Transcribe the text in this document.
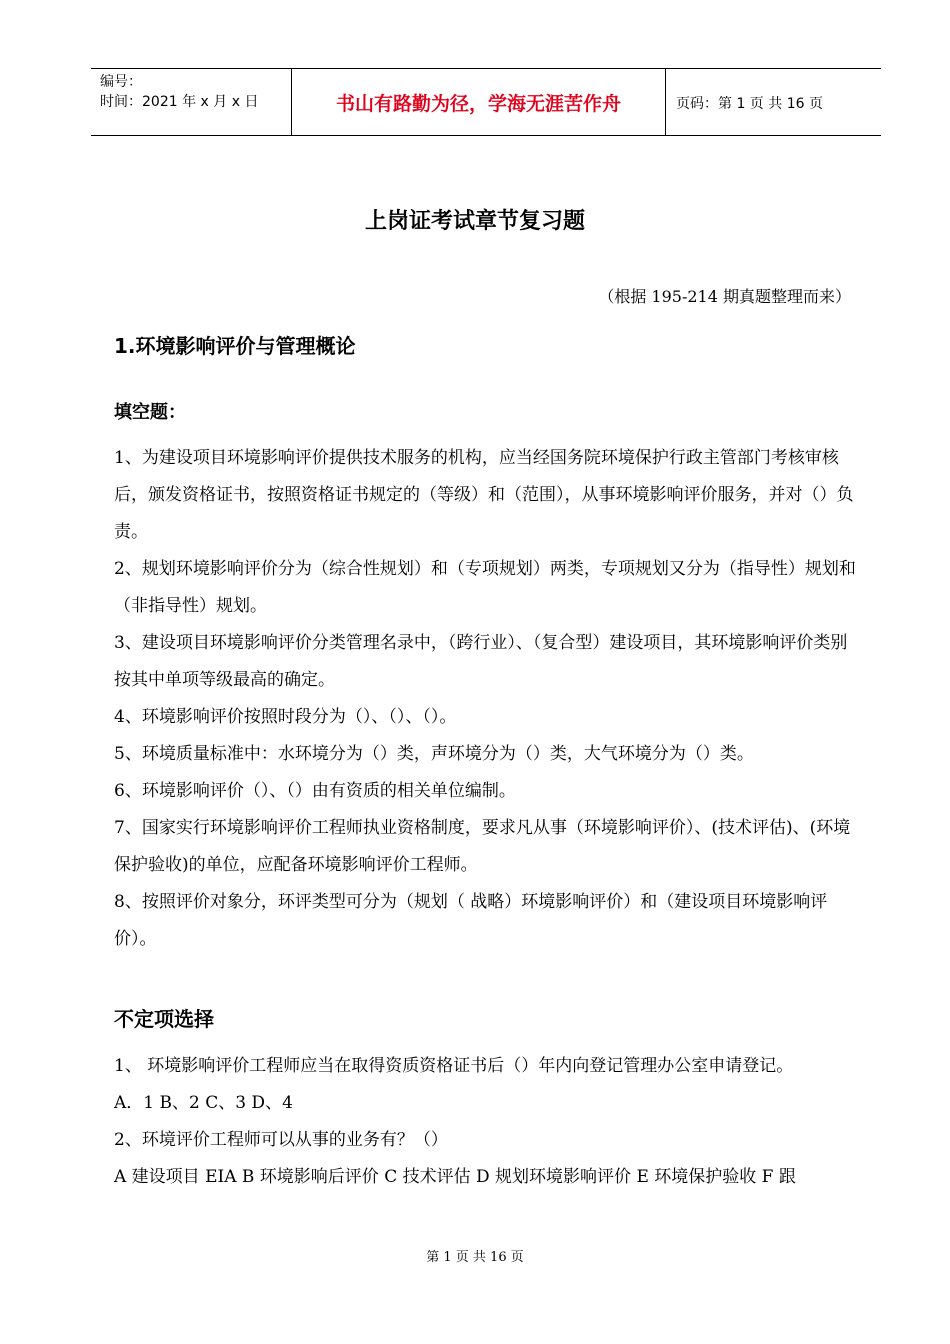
编号：
时间：2021 年 x 月 x 日	书山有路勤为径，学海无涯苦作舟	页码：第 1 页 共 16 页
上岗证考试章节复习题
（根据 195-214 期真题整理而来）
1.环境影响评价与管理概论
填空题：

1、为建设项目环境影响评价提供技术服务的机构，应当经国务院环境保护行政主管部门考核审核后，颁发资格证书，按照资格证书规定的（等级）和（范围），从事环境影响评价服务，并对（）负责。

2、规划环境影响评价分为（综合性规划）和（专项规划）两类，专项规划又分为（指导性）规划和（非指导性）规划。

3、建设项目环境影响评价分类管理名录中，（跨行业）、（复合型）建设项目，其环境影响评价类别按其中单项等级最高的确定。

4、环境影响评价按照时段分为（）、（）、（）。

5、环境质量标准中：水环境分为（）类，声环境分为（）类，大气环境分为（）类。

6、环境影响评价（）、（）由有资质的相关单位编制。

7、国家实行环境影响评价工程师执业资格制度，要求凡从事（环境影响评价）、(技术评估)、(环境保护验收)的单位，应配备环境影响评价工程师。

8、按照评价对象分，环评类型可分为（规划（ 战略）环境影响评价）和（建设项目环境影响评价）。

不定项选择

1、 环境影响评价工程师应当在取得资质资格证书后（）年内向登记管理办公室申请登记。

A．1 B、2 C、3 D、4

2、环境评价工程师可以从事的业务有？（）

A 建设项目 EIA B 环境影响后评价 C 技术评估 D 规划环境影响评价 E 环境保护验收 F 跟

第 1 页 共 16 页
